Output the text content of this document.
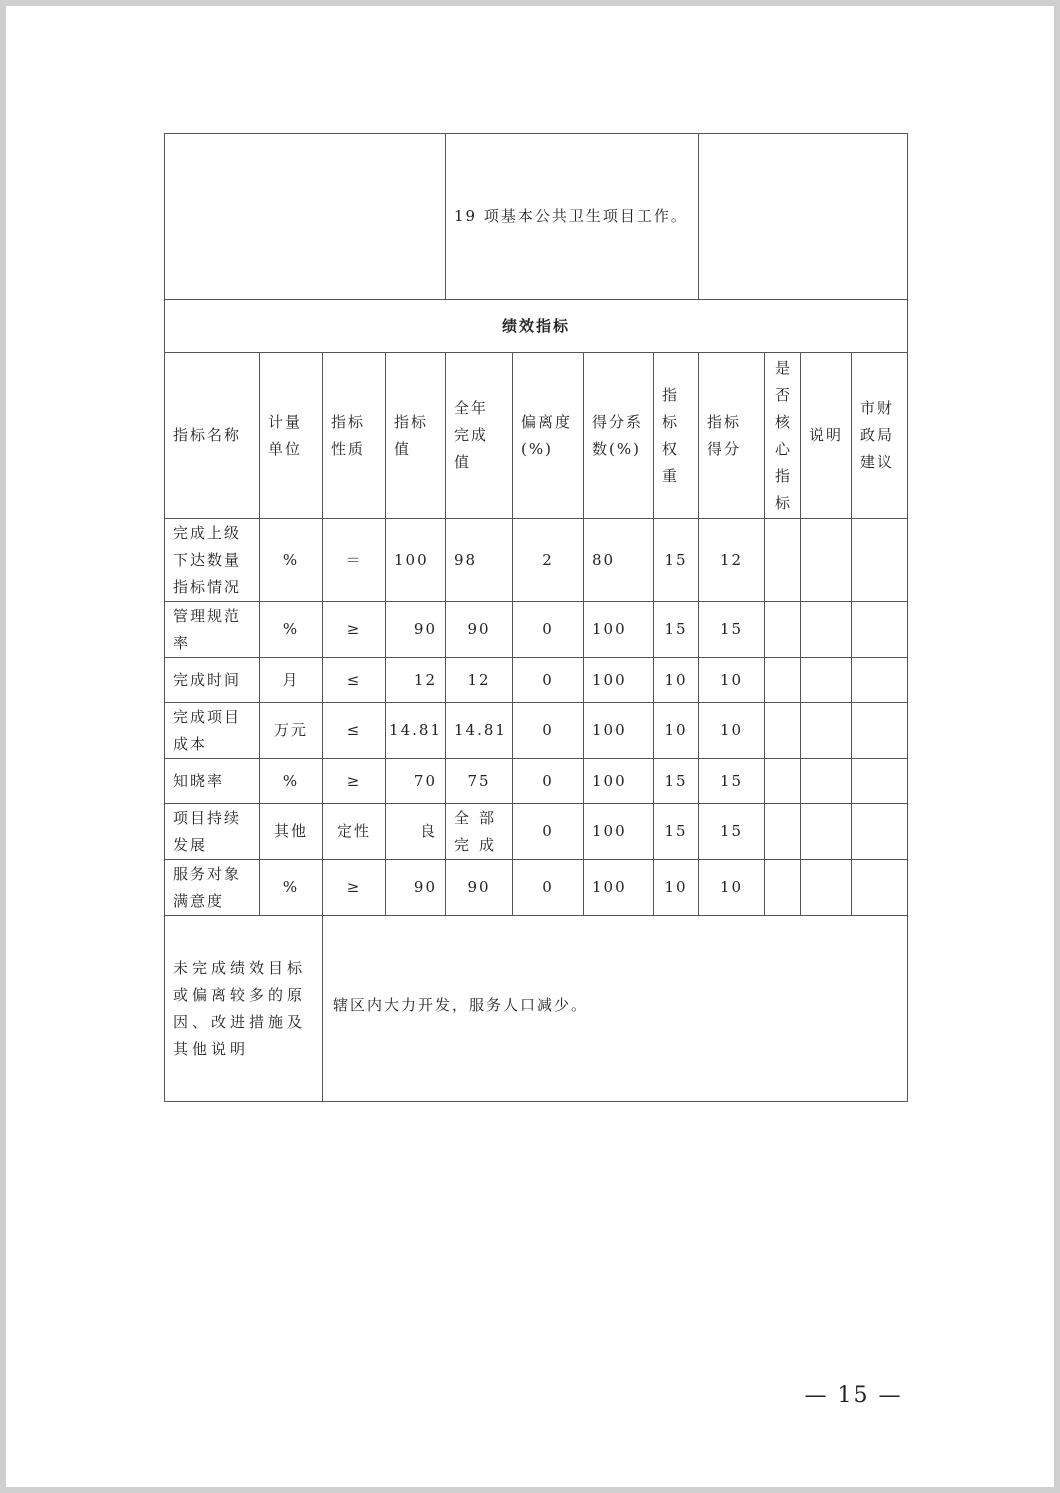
				19 项基本公共卫生项目工作。							
绩效指标											
指标名称	计量单位	指标性质	指标值	全年完成值	偏离度(%)	得分系数(%)	指标权重	指标得分	是否核心指标	说明	市财政局建议
完成上级下达数量指标情况	%	＝	100	98	2	80	15	12			
管理规范率	%	≥	90	90	0	100	15	15			
完成时间	月	≤	12	12	0	100	10	10			
完成项目成本	万元	≤	14.81	14.81	0	100	10	10			
知晓率	%	≥	70	75	0	100	15	15			
项目持续发展	其他	定性	良	全部完成	0	100	15	15			
服务对象满意度	%	≥	90	90	0	100	10	10			
未完成绩效目标或偏离较多的原因、改进措施及其他说明		辖区内大力开发，服务人口减少。									
— 15 —
